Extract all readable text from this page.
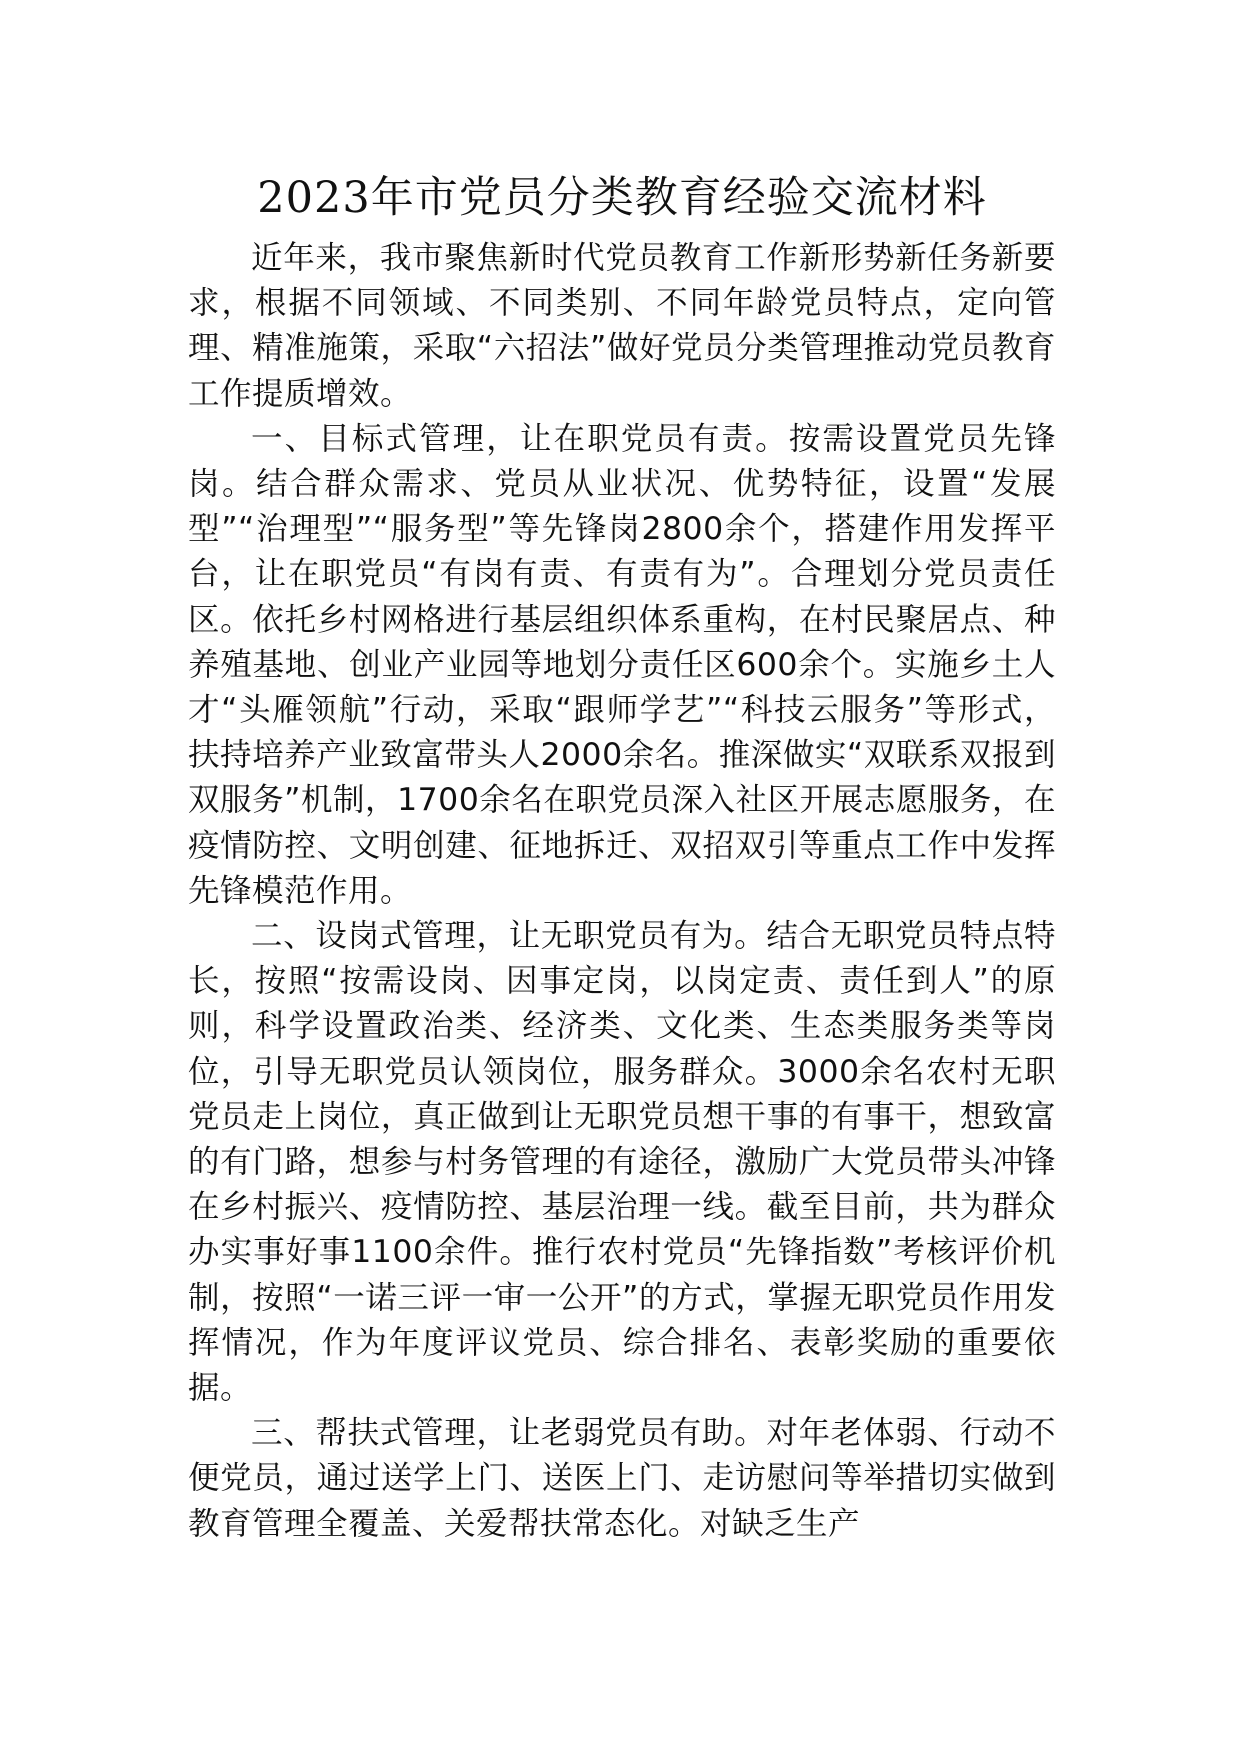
2023年市党员分类教育经验交流材料

近年来，我市聚焦新时代党员教育工作新形势新任务新要求，根据不同领域、不同类别、不同年龄党员特点，定向管理、精准施策，采取“六招法”做好党员分类管理推动党员教育工作提质增效。

一、目标式管理，让在职党员有责。按需设置党员先锋岗。结合群众需求、党员从业状况、优势特征，设置“发展型”“治理型”“服务型”等先锋岗2800余个，搭建作用发挥平台，让在职党员“有岗有责、有责有为”。合理划分党员责任区。依托乡村网格进行基层组织体系重构，在村民聚居点、种养殖基地、创业产业园等地划分责任区600余个。实施乡土人才“头雁领航”行动，采取“跟师学艺”“科技云服务”等形式，扶持培养产业致富带头人2000余名。推深做实“双联系双报到双服务”机制，1700余名在职党员深入社区开展志愿服务，在疫情防控、文明创建、征地拆迁、双招双引等重点工作中发挥先锋模范作用。

二、设岗式管理，让无职党员有为。结合无职党员特点特长，按照“按需设岗、因事定岗，以岗定责、责任到人”的原则，科学设置政治类、经济类、文化类、生态类服务类等岗位，引导无职党员认领岗位，服务群众。3000余名农村无职党员走上岗位，真正做到让无职党员想干事的有事干，想致富的有门路，想参与村务管理的有途径，激励广大党员带头冲锋在乡村振兴、疫情防控、基层治理一线。截至目前，共为群众办实事好事1100余件。推行农村党员“先锋指数”考核评价机制，按照“一诺三评一审一公开”的方式，掌握无职党员作用发挥情况，作为年度评议党员、综合排名、表彰奖励的重要依据。

三、帮扶式管理，让老弱党员有助。对年老体弱、行动不便党员，通过送学上门、送医上门、走访慰问等举措切实做到教育管理全覆盖、关爱帮扶常态化。对缺乏生产
